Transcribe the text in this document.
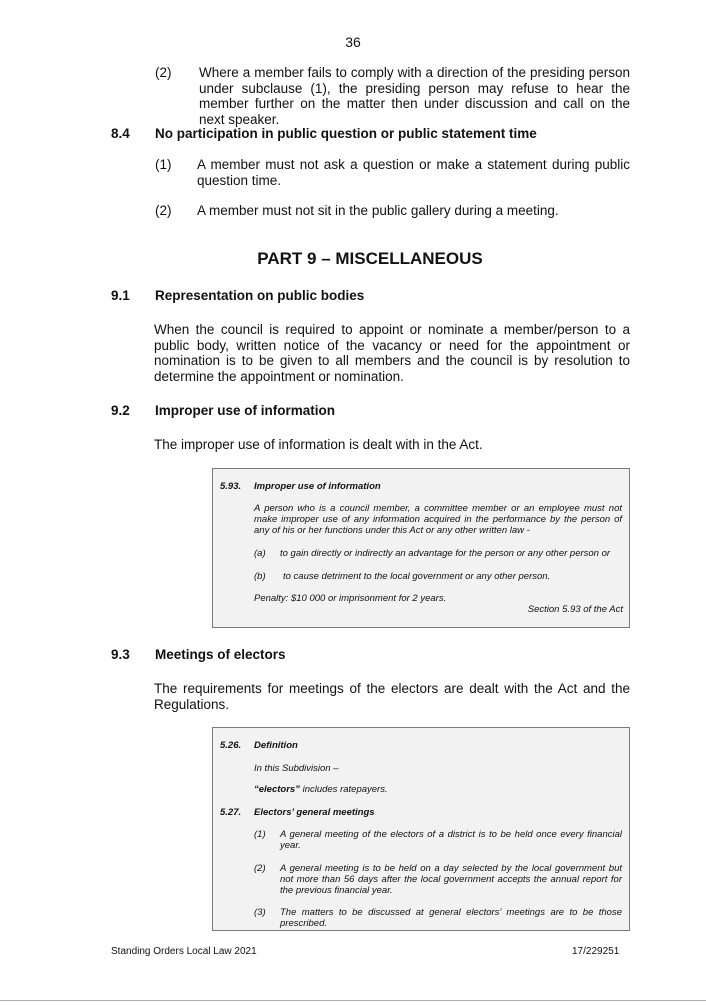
36
(2) Where a member fails to comply with a direction of the presiding person under subclause (1), the presiding person may refuse to hear the member further on the matter then under discussion and call on the next speaker.
8.4 No participation in public question or public statement time
(1) A member must not ask a question or make a statement during public question time.
(2) A member must not sit in the public gallery during a meeting.
PART 9 – MISCELLANEOUS
9.1 Representation on public bodies
When the council is required to appoint or nominate a member/person to a public body, written notice of the vacancy or need for the appointment or nomination is to be given to all members and the council is by resolution to determine the appointment or nomination.
9.2 Improper use of information
The improper use of information is dealt with in the Act.
5.93. Improper use of information
A person who is a council member, a committee member or an employee must not make improper use of any information acquired in the performance by the person of any of his or her functions under this Act or any other written law -
(a) to gain directly or indirectly an advantage for the person or any other person or
(b) to cause detriment to the local government or any other person.
Penalty: $10 000 or imprisonment for 2 years.
Section 5.93 of the Act
9.3 Meetings of electors
The requirements for meetings of the electors are dealt with the Act and the Regulations.
5.26. Definition
In this Subdivision –
“electors” includes ratepayers.
5.27. Electors’ general meetings
(1) A general meeting of the electors of a district is to be held once every financial year.
(2) A general meeting is to be held on a day selected by the local government but not more than 56 days after the local government accepts the annual report for the previous financial year.
(3) The matters to be discussed at general electors’ meetings are to be those prescribed.
Standing Orders Local Law 2021	17/229251
